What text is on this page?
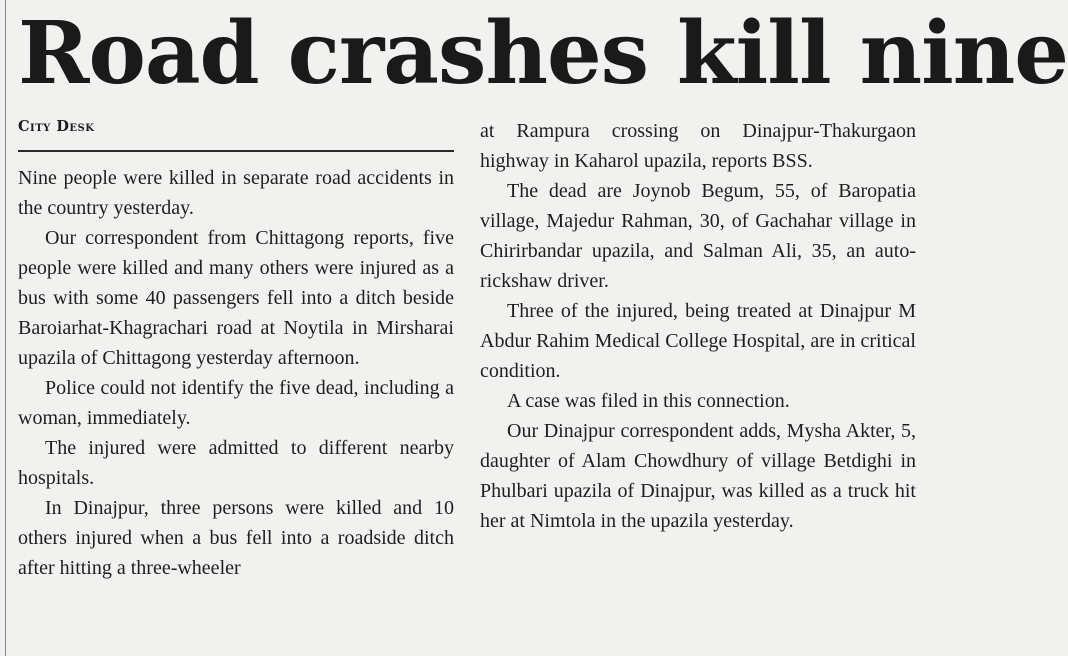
Road crashes kill nine
City Desk

Nine people were killed in separate road accidents in the country yesterday.

Our correspondent from Chittagong reports, five people were killed and many others were injured as a bus with some 40 passengers fell into a ditch beside Baroiarhat-Khagrachari road at Noytila in Mirsharai upazila of Chittagong yesterday afternoon.

Police could not identify the five dead, including a woman, immediately.

The injured were admitted to different nearby hospitals.

In Dinajpur, three persons were killed and 10 others injured when a bus fell into a roadside ditch after hitting a three-wheeler

at Rampura crossing on Dinajpur-Thakurgaon highway in Kaharol upazila, reports BSS.

The dead are Joynob Begum, 55, of Baropatia village, Majedur Rahman, 30, of Gachahar village in Chirirbandar upazila, and Salman Ali, 35, an auto-rickshaw driver.

Three of the injured, being treated at Dinajpur M Abdur Rahim Medical College Hospital, are in critical condition.

A case was filed in this connection.

Our Dinajpur correspondent adds, Mysha Akter, 5, daughter of Alam Chowdhury of village Betdighi in Phulbari upazila of Dinajpur, was killed as a truck hit her at Nimtola in the upazila yesterday.
